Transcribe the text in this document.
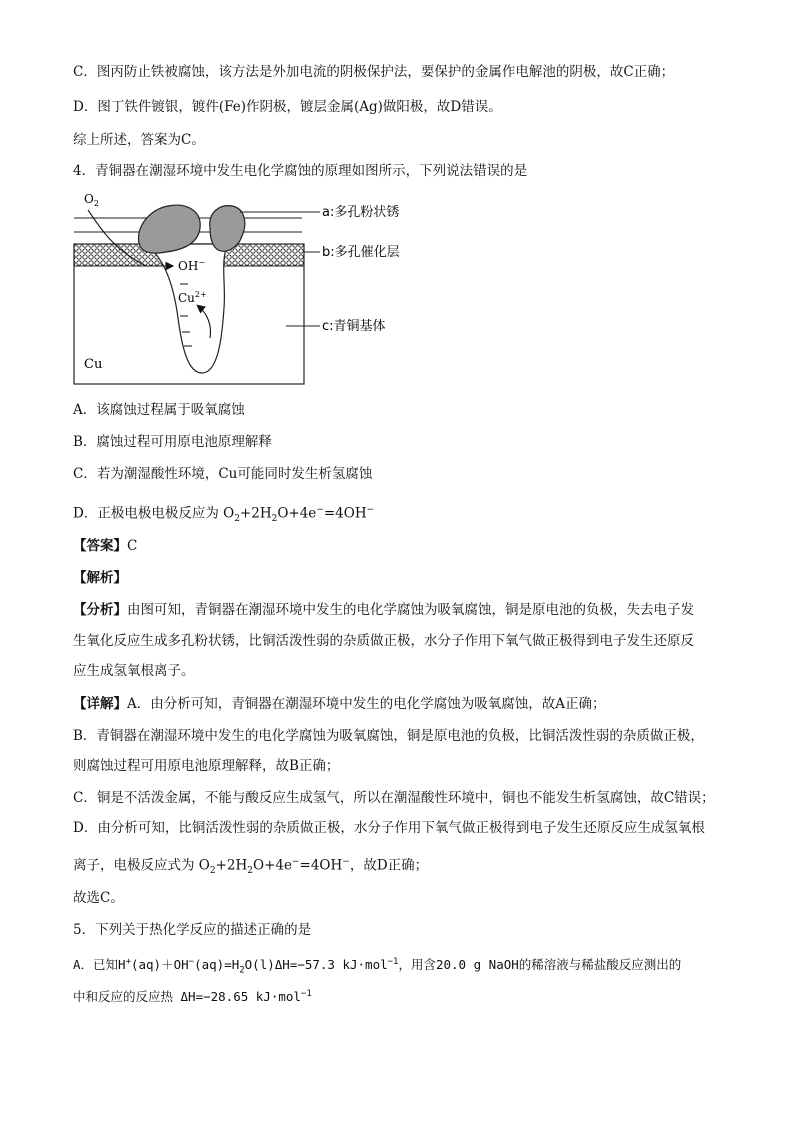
C．图丙防止铁被腐蚀，该方法是外加电流的阴极保护法，要保护的金属作电解池的阴极，故C正确；
D．图丁铁件镀银，镀件(Fe)作阴极，镀层金属(Ag)做阳极，故D错误。
综上所述，答案为C。
4．青铜器在潮湿环境中发生电化学腐蚀的原理如图所示，下列说法错误的是
$O_2$
OH−
$Cu^{2+}$
Cu
a:多孔粉状锈
b:多孔催化层
c:青铜基体
A．该腐蚀过程属于吸氧腐蚀
B．腐蚀过程可用原电池原理解释
C．若为潮湿酸性环境，Cu可能同时发生析氢腐蚀
D．正极电极电极反应为 $O_2+2H_2O+4e^-=4OH^-$
【答案】C
【解析】
【分析】由图可知，青铜器在潮湿环境中发生的电化学腐蚀为吸氧腐蚀，铜是原电池的负极，失去电子发
生氧化反应生成多孔粉状锈，比铜活泼性弱的杂质做正极，水分子作用下氧气做正极得到电子发生还原反
应生成氢氧根离子。
【详解】A．由分析可知，青铜器在潮湿环境中发生的电化学腐蚀为吸氧腐蚀，故A正确；
B．青铜器在潮湿环境中发生的电化学腐蚀为吸氧腐蚀，铜是原电池的负极，比铜活泼性弱的杂质做正极，
则腐蚀过程可用原电池原理解释，故B正确；
C．铜是不活泼金属，不能与酸反应生成氢气，所以在潮湿酸性环境中，铜也不能发生析氢腐蚀，故C错误；
D．由分析可知，比铜活泼性弱的杂质做正极，水分子作用下氧气做正极得到电子发生还原反应生成氢氧根
离子，电极反应式为 $O_2+2H_2O+4e^-=4OH^-$，故D正确；
故选C。
5．下列关于热化学反应的描述正确的是
A．已知$H^+(aq)+OH^-(aq)=H_2O(l)\Delta H=-57.3$ kJ·mol$^{-1}$，用含20.0 g NaOH的稀溶液与稀盐酸反应测出的
中和反应的反应热 ΔH=−28.65 kJ·mol$^{-1}$
